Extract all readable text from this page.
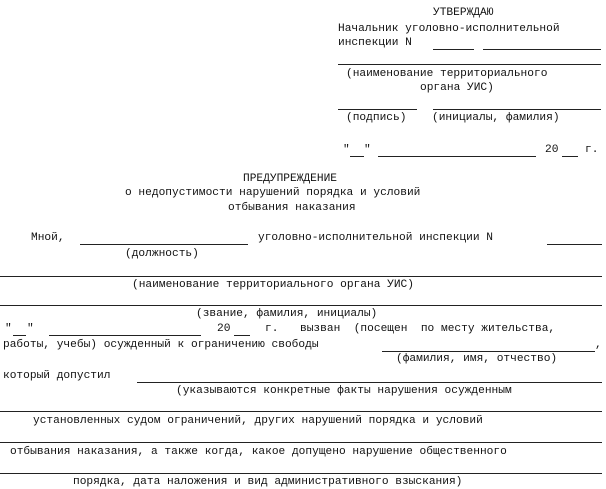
УТВЕРЖДАЮ
Начальник уголовно-исполнительной
инспекции N
(наименование территориального
органа УИС)
(подпись) (инициалы, фамилия)
" "	20 г.
ПРЕДУПРЕЖДЕНИЕ
о недопустимости нарушений порядка и условий
отбывания наказания
Мной,	уголовно-исполнительной инспекции N
(должность)
(наименование территориального органа УИС)
(звание, фамилия, инициалы)
" "	20	г. вызван  (посещен  по месту жительства,
работы, учебы) осужденный к ограничению свободы	,
(фамилия, имя, отчество)
который допустил
(указываются конкретные факты нарушения осужденным
установленных судом ограничений, других нарушений порядка и условий
отбывания наказания, а также когда, какое допущено нарушение общественного
порядка, дата наложения и вид административного взыскания)
